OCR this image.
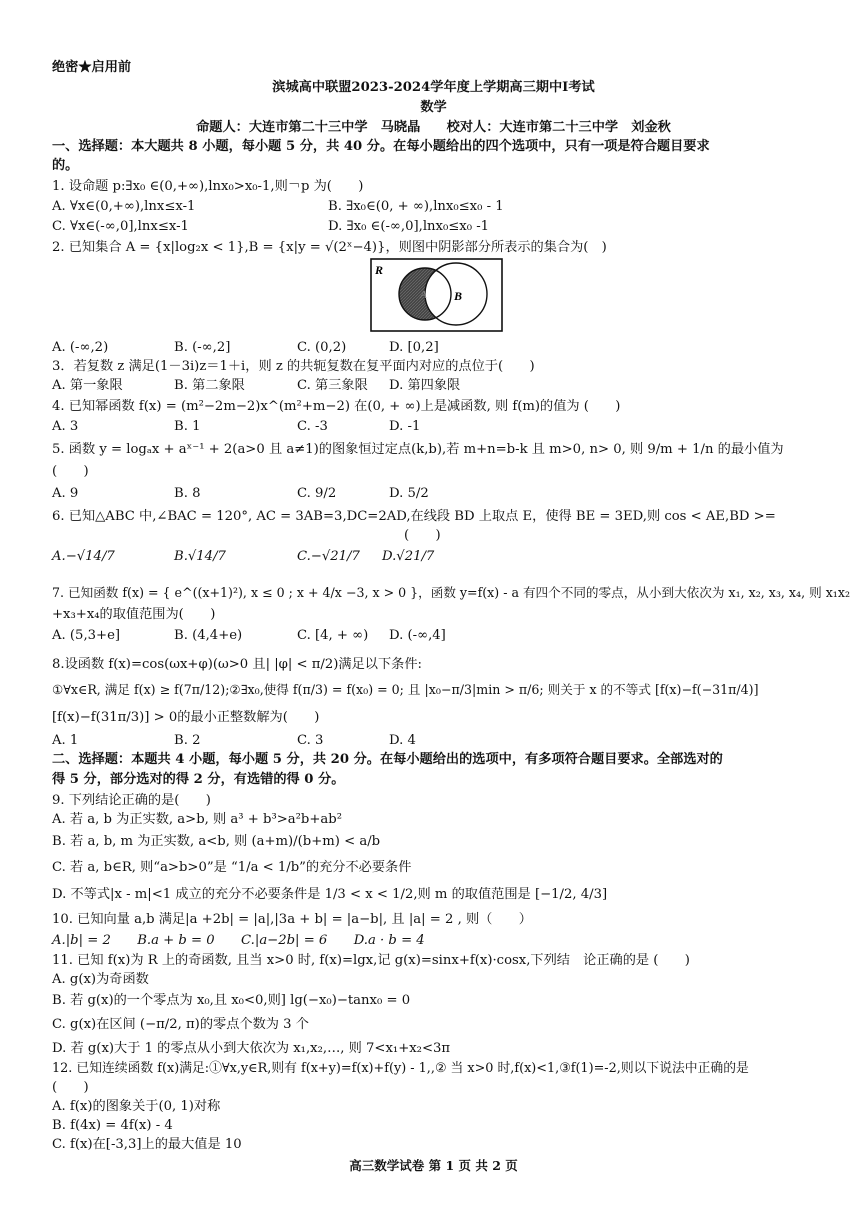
绝密★启用前
滨城高中联盟2023-2024学年度上学期高三期中Ⅰ考试
数学
命题人：大连市第二十三中学　马晓晶　　校对人：大连市第二十三中学　刘金秋
一、选择题：本大题共 8 小题，每小题 5 分，共 40 分。在每小题给出的四个选项中，只有一项是符合题目要求
的。
1. 设命题 p:∃x₀ ∈(0,+∞),lnx₀>x₀-1,则￢p 为(　　)
A. ∀x∈(0,+∞),lnx≤x-1	B. ∃x₀∈(0, + ∞),lnx₀≤x₀ - 1
C. ∀x∈(-∞,0],lnx≤x-1	D. ∃x₀ ∈(-∞,0],lnx₀≤x₀ -1
2. 已知集合 A = {x|log₂x < 1},B = {x|y = √(2ˣ−4)}，则图中阴影部分所表示的集合为(　)
R
A B
A. (-∞,2)	B. (-∞,2]	C. (0,2)	D. [0,2]
3．若复数 z 满足(1－3i)z＝1＋i，则 z 的共轭复数在复平面内对应的点位于(　　)
A. 第一象限	B. 第二象限	C. 第三象限 D. 第四象限
4. 已知幂函数 f(x) = (m²−2m−2)x^(m²+m−2) 在(0, + ∞)上是减函数, 则 f(m)的值为 (　　)
A. 3	B. 1	C. -3	D. -1
5. 函数 y = logₐx + aˣ⁻¹ + 2(a>0 且 a≠1)的图象恒过定点(k,b),若 m+n=b-k 且 m>0, n> 0, 则 9/m + 1/n 的最小值为
(　　)
A. 9	B. 8	C. 9/2	D. 5/2
6. 已知△ABC 中,∠BAC = 120°, AC = 3AB=3,DC=2AD,在线段 BD 上取点 E，使得 BE = 3ED,则 cos < AE,BD >=
(　　)
A.−√14/7	B.√14/7	C.−√21/7 D.√21/7
7. 已知函数 f(x) = { e^((x+1)²), x ≤ 0 ; x + 4/x −3, x > 0 }，函数 y=f(x) - a 有四个不同的零点，从小到大依次为 x₁, x₂, x₃, x₄, 则 x₁x₂
+x₃+x₄的取值范围为(　　)
A. (5,3+e]	B. (4,4+e)	C. [4, + ∞) D. (-∞,4]
8.设函数 f(x)=cos(ωx+φ)(ω>0 且| |φ| < π/2)满足以下条件:
①∀x∈R, 满足 f(x) ≥ f(7π/12);②∃x₀,使得 f(π/3) = f(x₀) = 0; 且 |x₀−π/3|min > π/6; 则关于 x 的不等式 [f(x)−f(−31π/4)]
[f(x)−f(31π/3)] > 0的最小正整数解为(　　)
A. 1	B. 2	C. 3	D. 4
二、选择题：本题共 4 小题，每小题 5 分，共 20 分。在每小题给出的选项中，有多项符合题目要求。全部选对的
得 5 分，部分选对的得 2 分，有选错的得 0 分。
9. 下列结论正确的是(　　)
A. 若 a, b 为正实数, a>b, 则 a³ + b³>a²b+ab²
B. 若 a, b, m 为正实数, a<b, 则 (a+m)/(b+m) < a/b
C. 若 a, b∈R, 则“a>b>0”是 “1/a < 1/b”的充分不必要条件
D. 不等式|x - m|<1 成立的充分不必要条件是 1/3 < x < 1/2,则 m 的取值范围是 [−1/2, 4/3]
10. 已知向量 a,b 满足|a +2b| = |a|,|3a + b| = |a−b|, 且 |a| = 2 , 则（　　）
A.|b| = 2　　B.a + b = 0　　C.|a−2b| = 6　　D.a · b = 4
11. 已知 f(x)为 R 上的奇函数, 且当 x>0 时, f(x)=lgx,记 g(x)=sinx+f(x)·cosx,下列结　论正确的是 (　　)
A. g(x)为奇函数
B. 若 g(x)的一个零点为 x₀,且 x₀<0,则] lg(−x₀)−tanx₀ = 0
C. g(x)在区间 (−π/2, π)的零点个数为 3 个
D. 若 g(x)大于 1 的零点从小到大依次为 x₁,x₂,…, 则 7<x₁+x₂<3π
12. 已知连续函数 f(x)满足:①∀x,y∈R,则有 f(x+y)=f(x)+f(y) - 1,,② 当 x>0 时,f(x)<1,③f(1)=-2,则以下说法中正确的是
(　　)
A. f(x)的图象关于(0, 1)对称
B. f(4x) = 4f(x) - 4
C. f(x)在[-3,3]上的最大值是 10
高三数学试卷 第 1 页 共 2 页
